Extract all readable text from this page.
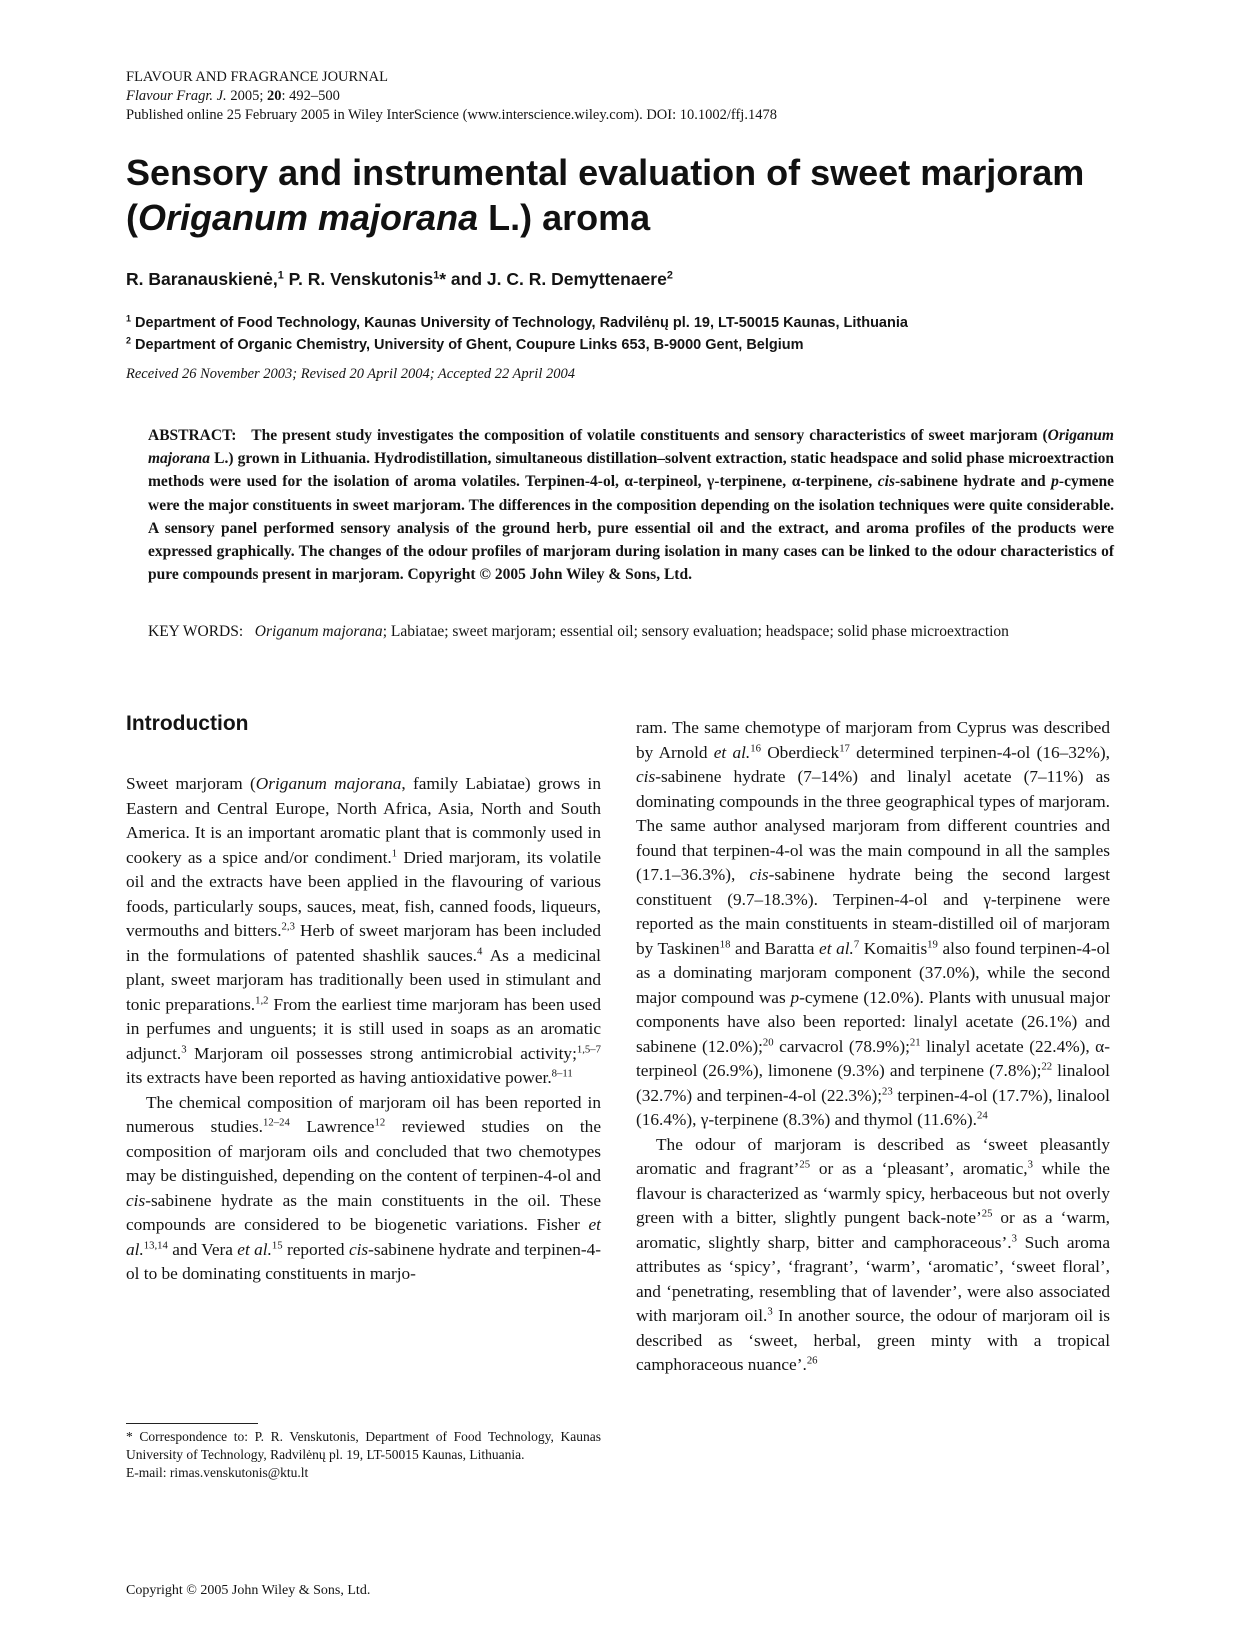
FLAVOUR AND FRAGRANCE JOURNAL
Flavour Fragr. J. 2005; 20: 492–500
Published online 25 February 2005 in Wiley InterScience (www.interscience.wiley.com). DOI: 10.1002/ffj.1478
Sensory and instrumental evaluation of sweet marjoram
(Origanum majorana L.) aroma
R. Baranauskienė,$^1$ P. R. Venskutonis$^1$* and J. C. R. Demyttenaere$^2$
$^1$ Department of Food Technology, Kaunas University of Technology, Radvilėnų pl. 19, LT-50015 Kaunas, Lithuania
$^2$ Department of Organic Chemistry, University of Ghent, Coupure Links 653, B-9000 Gent, Belgium
Received 26 November 2003; Revised 20 April 2004; Accepted 22 April 2004
ABSTRACT: The present study investigates the composition of volatile constituents and sensory characteristics of sweet marjoram (Origanum majorana L.) grown in Lithuania. Hydrodistillation, simultaneous distillation–solvent extraction, static headspace and solid phase microextraction methods were used for the isolation of aroma volatiles. Terpinen-4-ol, α-terpineol, γ-terpinene, α-terpinene, cis-sabinene hydrate and p-cymene were the major constituents in sweet marjoram. The differences in the composition depending on the isolation techniques were quite considerable. A sensory panel performed sensory analysis of the ground herb, pure essential oil and the extract, and aroma profiles of the products were expressed graphically. The changes of the odour profiles of marjoram during isolation in many cases can be linked to the odour characteristics of pure compounds present in marjoram. Copyright © 2005 John Wiley & Sons, Ltd.
KEY WORDS: Origanum majorana; Labiatae; sweet marjoram; essential oil; sensory evaluation; headspace; solid phase microextraction
Introduction

Sweet marjoram (Origanum majorana, family Labiatae) grows in Eastern and Central Europe, North Africa, Asia, North and South America. It is an important aromatic plant that is commonly used in cookery as a spice and/or condiment.$^1$ Dried marjoram, its volatile oil and the extracts have been applied in the flavouring of various foods, particularly soups, sauces, meat, fish, canned foods, liqueurs, vermouths and bitters.$^{2,3}$ Herb of sweet marjoram has been included in the formulations of patented shashlik sauces.$^4$ As a medicinal plant, sweet marjoram has traditionally been used in stimulant and tonic preparations.$^{1,2}$ From the earliest time marjoram has been used in perfumes and unguents; it is still used in soaps as an aromatic adjunct.$^3$ Marjoram oil possesses strong antimicrobial activity;$^{1,5-7}$ its extracts have been reported as having antioxidative power.$^{8-11}$

The chemical composition of marjoram oil has been reported in numerous studies.$^{12-24}$ Lawrence$^{12}$ reviewed studies on the composition of marjoram oils and concluded that two chemotypes may be distinguished, depending on the content of terpinen-4-ol and cis-sabinene hydrate as the main constituents in the oil. These compounds are considered to be biogenetic variations. Fisher et al.$^{13,14}$ and Vera et al.$^{15}$ reported cis-sabinene hydrate and terpinen-4-ol to be dominating constituents in marjo-

ram. The same chemotype of marjoram from Cyprus was described by Arnold et al.$^{16}$ Oberdieck$^{17}$ determined terpinen-4-ol (16–32%), cis-sabinene hydrate (7–14%) and linalyl acetate (7–11%) as dominating compounds in the three geographical types of marjoram. The same author analysed marjoram from different countries and found that terpinen-4-ol was the main compound in all the samples (17.1–36.3%), cis-sabinene hydrate being the second largest constituent (9.7–18.3%). Terpinen-4-ol and γ-terpinene were reported as the main constituents in steam-distilled oil of marjoram by Taskinen$^{18}$ and Baratta et al.$^7$ Komaitis$^{19}$ also found terpinen-4-ol as a dominating marjoram component (37.0%), while the second major compound was p-cymene (12.0%). Plants with unusual major components have also been reported: linalyl acetate (26.1%) and sabinene (12.0%);$^{20}$ carvacrol (78.9%);$^{21}$ linalyl acetate (22.4%), α-terpineol (26.9%), limonene (9.3%) and terpinene (7.8%);$^{22}$ linalool (32.7%) and terpinen-4-ol (22.3%);$^{23}$ terpinen-4-ol (17.7%), linalool (16.4%), γ-terpinene (8.3%) and thymol (11.6%).$^{24}$

The odour of marjoram is described as ‘sweet pleasantly aromatic and fragrant’$^{25}$ or as a ‘pleasant’, aromatic,$^3$ while the flavour is characterized as ‘warmly spicy, herbaceous but not overly green with a bitter, slightly pungent back-note’$^{25}$ or as a ‘warm, aromatic, slightly sharp, bitter and camphoraceous’.$^3$ Such aroma attributes as ‘spicy’, ‘fragrant’, ‘warm’, ‘aromatic’, ‘sweet floral’, and ‘penetrating, resembling that of lavender’, were also associated with marjoram oil.$^3$ In another source, the odour of marjoram oil is described as ‘sweet, herbal, green minty with a tropical camphoraceous nuance’.$^{26}$

* Correspondence to: P. R. Venskutonis, Department of Food Technology, Kaunas University of Technology, Radvilėnų pl. 19, LT-50015 Kaunas, Lithuania.
E-mail: rimas.venskutonis@ktu.lt
Copyright © 2005 John Wiley & Sons, Ltd.
